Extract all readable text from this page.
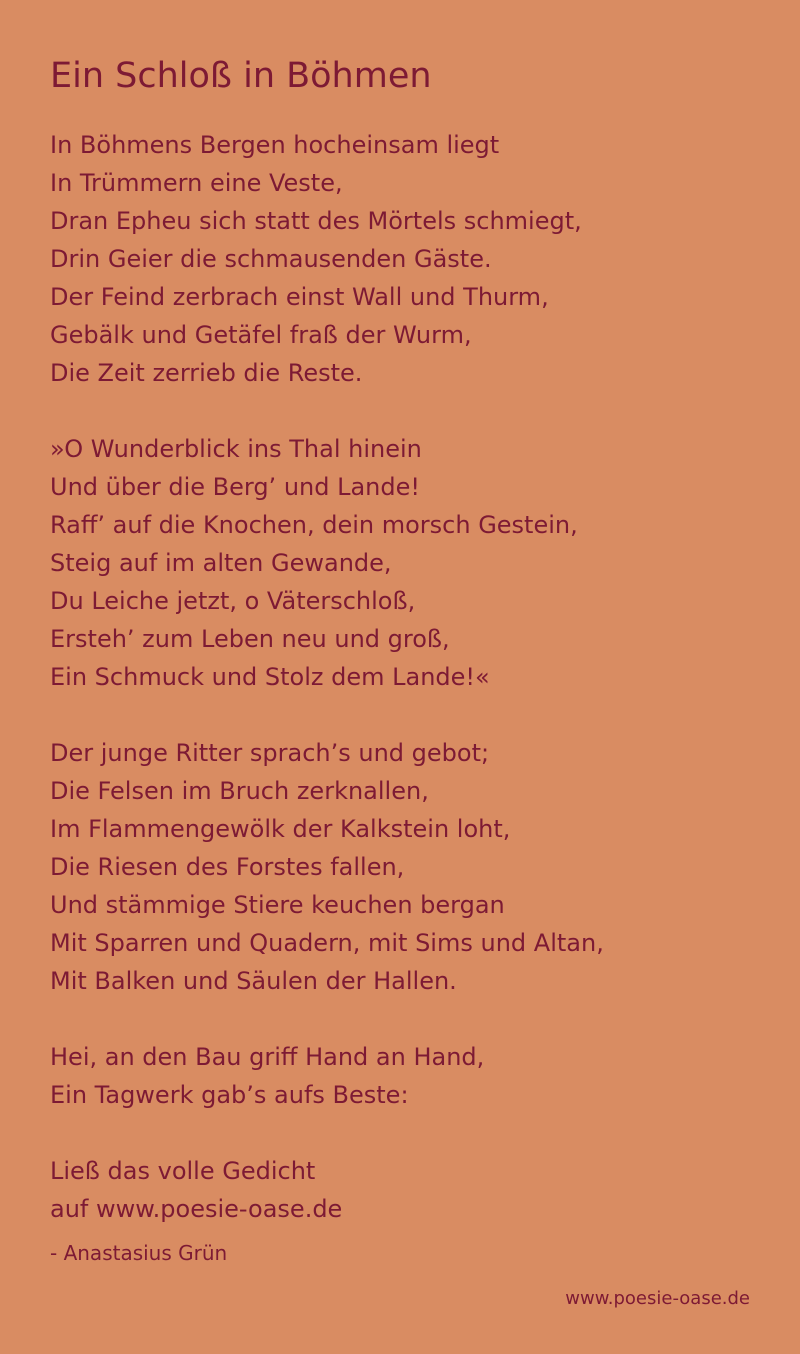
Ein Schloß in Böhmen
In Böhmens Bergen hocheinsam liegt
In Trümmern eine Veste,
Dran Epheu sich statt des Mörtels schmiegt,
Drin Geier die schmausenden Gäste.
Der Feind zerbrach einst Wall und Thurm,
Gebälk und Getäfel fraß der Wurm,
Die Zeit zerrieb die Reste.
»O Wunderblick ins Thal hinein
Und über die Berg’ und Lande!
Raff’ auf die Knochen, dein morsch Gestein,
Steig auf im alten Gewande,
Du Leiche jetzt, o Väterschloß,
Ersteh’ zum Leben neu und groß,
Ein Schmuck und Stolz dem Lande!«
Der junge Ritter sprach’s und gebot;
Die Felsen im Bruch zerknallen,
Im Flammengewölk der Kalkstein loht,
Die Riesen des Forstes fallen,
Und stämmige Stiere keuchen bergan
Mit Sparren und Quadern, mit Sims und Altan,
Mit Balken und Säulen der Hallen.
Hei, an den Bau griff Hand an Hand,
Ein Tagwerk gab’s aufs Beste:
Ließ das volle Gedicht
auf www.poesie-oase.de
- Anastasius Grün
www.poesie-oase.de
